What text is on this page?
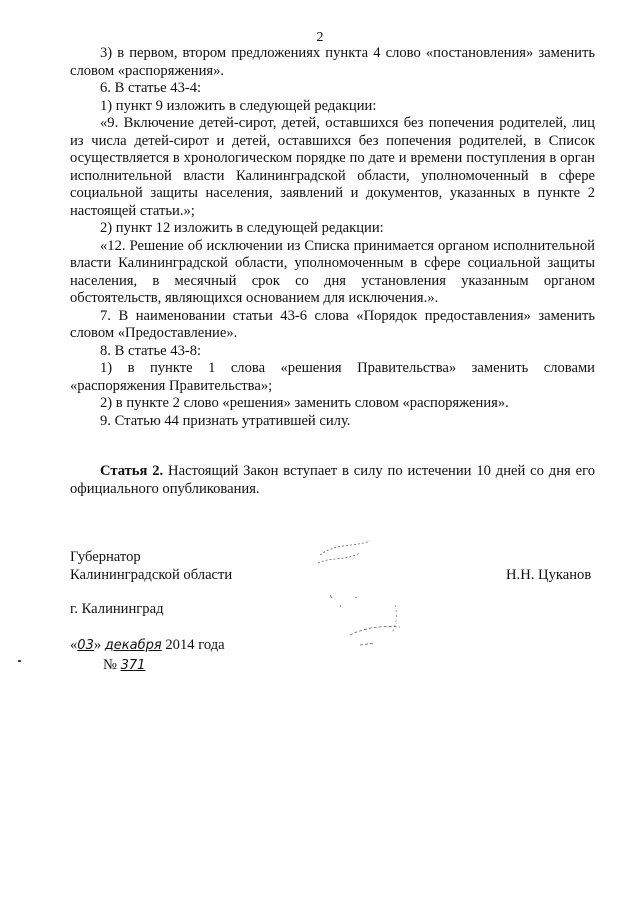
2

3) в первом, втором предложениях пункта 4 слово «постановления» заменить словом «распоряжения».

6. В статье 43-4:

1) пункт 9 изложить в следующей редакции:

«9. Включение детей-сирот, детей, оставшихся без попечения родителей, лиц из числа детей-сирот и детей, оставшихся без попечения родителей, в Список осуществляется в хронологическом порядке по дате и времени поступления в орган исполнительной власти Калининградской области, уполномоченный в сфере социальной защиты населения, заявлений и документов, указанных в пункте 2 настоящей статьи.»;

2) пункт 12 изложить в следующей редакции:

«12. Решение об исключении из Списка принимается органом исполнительной власти Калининградской области, уполномоченным в сфере социальной защиты населения, в месячный срок со дня установления указанным органом обстоятельств, являющихся основанием для исключения.».

7. В наименовании статьи 43-6 слова «Порядок предоставления» заменить словом «Предоставление».

8. В статье 43-8:

1) в пункте 1 слова «решения Правительства» заменить словами «распоряжения Правительства»;

2) в пункте 2 слово «решения» заменить словом «распоряжения».

9. Статью 44 признать утратившей силу.

Статья 2. Настоящий Закон вступает в силу по истечении 10 дней со дня его официального опубликования.

Губернатор
Калининградской области	Н.Н. Цуканов
г. Калининград
«03» декабря 2014 года
№ 371
